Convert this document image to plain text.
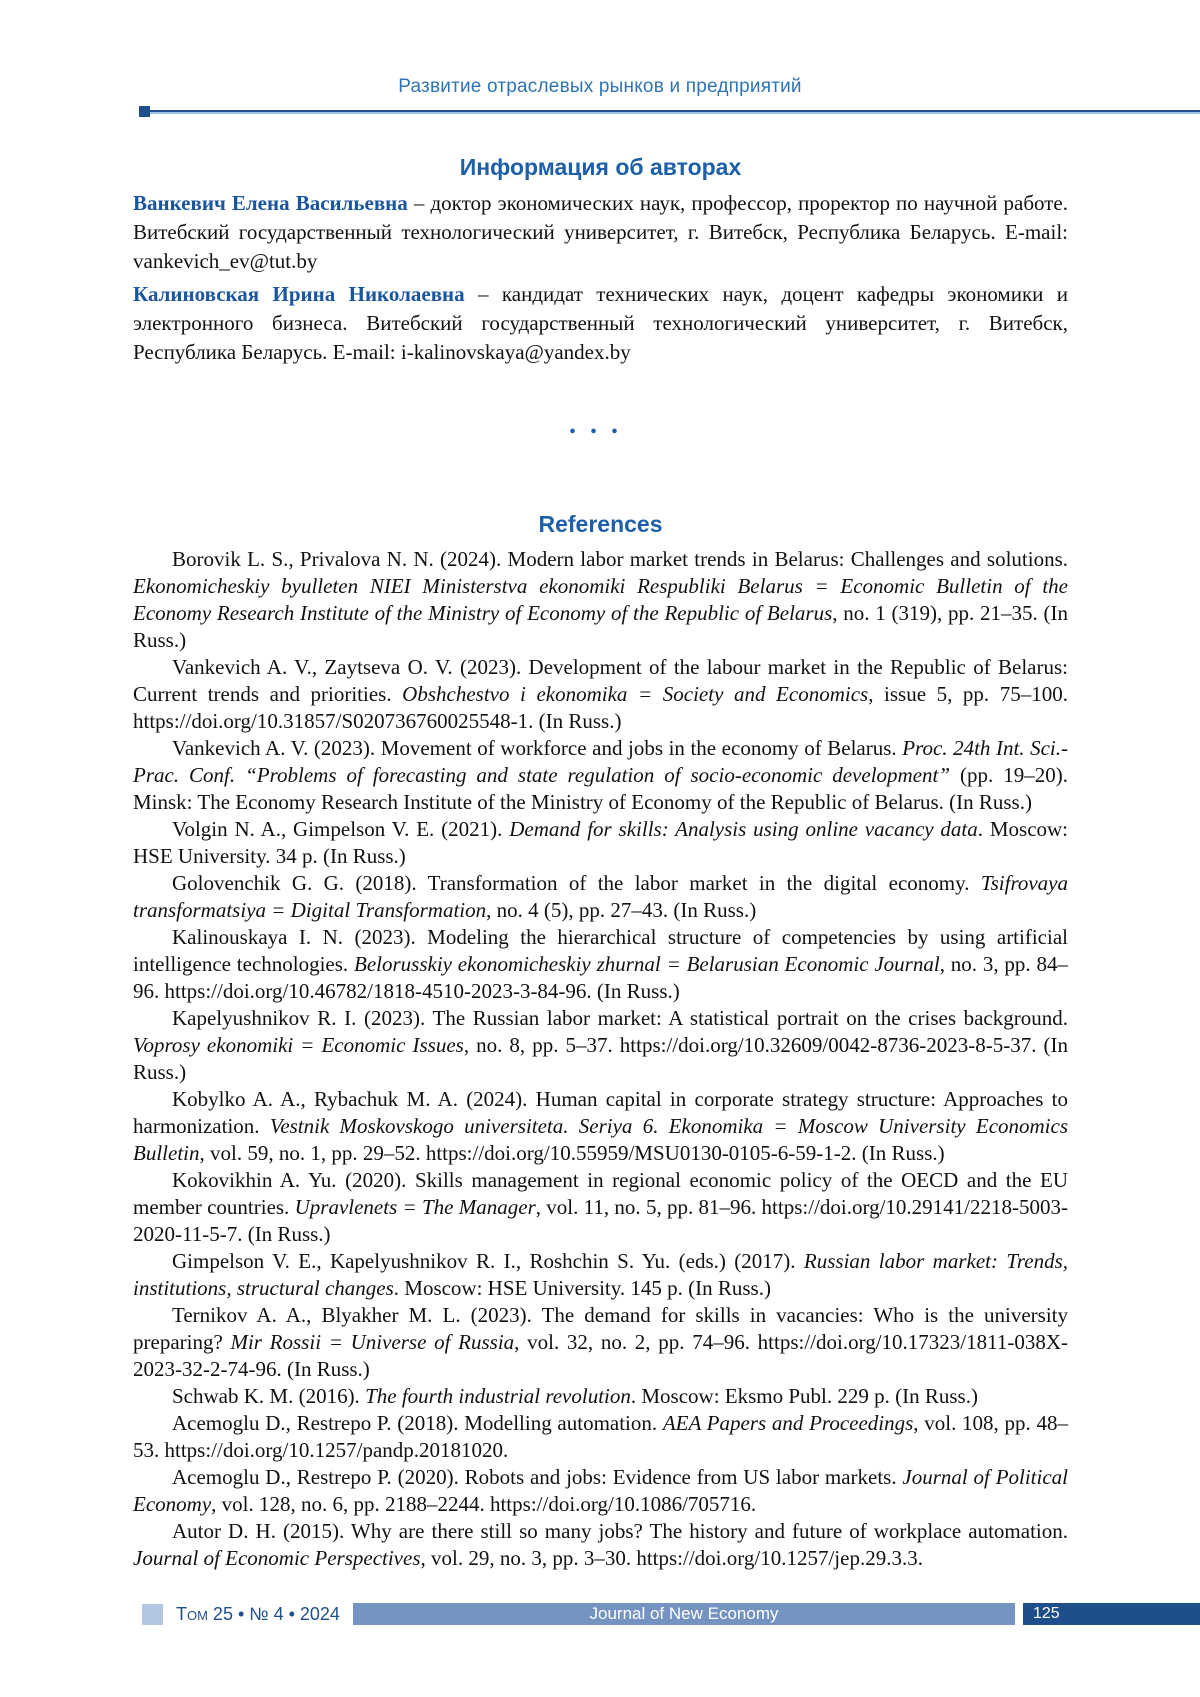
Развитие отраслевых рынков и предприятий
Информация об авторах

Ванкевич Елена Васильевна – доктор экономических наук, профессор, проректор по научной работе. Витебский государственный технологический университет, г. Витебск, Республика Беларусь. E-mail: vankevich_ev@tut.by

Калиновская Ирина Николаевна – кандидат технических наук, доцент кафедры экономики и электронного бизнеса. Витебский государственный технологический университет, г. Витебск, Республика Беларусь. E-mail: i-kalinovskaya@yandex.by

...
References

Borovik L. S., Privalova N. N. (2024). Modern labor market trends in Belarus: Challenges and solutions. Ekonomicheskiy byulleten NIEI Ministerstva ekonomiki Respubliki Belarus = Economic Bulletin of the Economy Research Institute of the Ministry of Economy of the Republic of Belarus, no. 1 (319), pp. 21–35. (In Russ.)

Vankevich A. V., Zaytseva O. V. (2023). Development of the labour market in the Republic of Belarus: Current trends and priorities. Obshchestvo i ekonomika = Society and Economics, issue 5, pp. 75–100. https://doi.org/10.31857/S020736760025548-1. (In Russ.)

Vankevich A. V. (2023). Movement of workforce and jobs in the economy of Belarus. Proc. 24th Int. Sci.-Prac. Conf. “Problems of forecasting and state regulation of socio-economic development” (pp. 19–20). Minsk: The Economy Research Institute of the Ministry of Economy of the Republic of Belarus. (In Russ.)

Volgin N. A., Gimpelson V. E. (2021). Demand for skills: Analysis using online vacancy data. Moscow: HSE University. 34 p. (In Russ.)

Golovenchik G. G. (2018). Transformation of the labor market in the digital economy. Tsifrovaya transformatsiya = Digital Transformation, no. 4 (5), pp. 27–43. (In Russ.)

Kalinouskaya I. N. (2023). Modeling the hierarchical structure of competencies by using artificial intelligence technologies. Belorusskiy ekonomicheskiy zhurnal = Belarusian Economic Journal, no. 3, pp. 84–96. https://doi.org/10.46782/1818-4510-2023-3-84-96. (In Russ.)

Kapelyushnikov R. I. (2023). The Russian labor market: A statistical portrait on the crises background. Voprosy ekonomiki = Economic Issues, no. 8, pp. 5–37. https://doi.org/10.32609/0042-8736-2023-8-5-37. (In Russ.)

Kobylko A. A., Rybachuk M. A. (2024). Human capital in corporate strategy structure: Approaches to harmonization. Vestnik Moskovskogo universiteta. Seriya 6. Ekonomika = Moscow University Economics Bulletin, vol. 59, no. 1, pp. 29–52. https://doi.org/10.55959/MSU0130-0105-6-59-1-2. (In Russ.)

Kokovikhin A. Yu. (2020). Skills management in regional economic policy of the OECD and the EU member countries. Upravlenets = The Manager, vol. 11, no. 5, pp. 81–96. https://doi.org/10.29141/2218-5003-2020-11-5-7. (In Russ.)

Gimpelson V. E., Kapelyushnikov R. I., Roshchin S. Yu. (eds.) (2017). Russian labor market: Trends, institutions, structural changes. Moscow: HSE University. 145 p. (In Russ.)

Ternikov A. A., Blyakher M. L. (2023). The demand for skills in vacancies: Who is the university preparing? Mir Rossii = Universe of Russia, vol. 32, no. 2, pp. 74–96. https://doi.org/10.17323/1811-038X-2023-32-2-74-96. (In Russ.)

Schwab K. M. (2016). The fourth industrial revolution. Moscow: Eksmo Publ. 229 p. (In Russ.)

Acemoglu D., Restrepo P. (2018). Modelling automation. AEA Papers and Proceedings, vol. 108, pp. 48–53. https://doi.org/10.1257/pandp.20181020.

Acemoglu D., Restrepo P. (2020). Robots and jobs: Evidence from US labor markets. Journal of Political Economy, vol. 128, no. 6, pp. 2188–2244. https://doi.org/10.1086/705716.

Autor D. H. (2015). Why are there still so many jobs? The history and future of workplace automation. Journal of Economic Perspectives, vol. 29, no. 3, pp. 3–30. https://doi.org/10.1257/jep.29.3.3.

Том 25 • № 4 • 2024	Journal of New Economy	125
